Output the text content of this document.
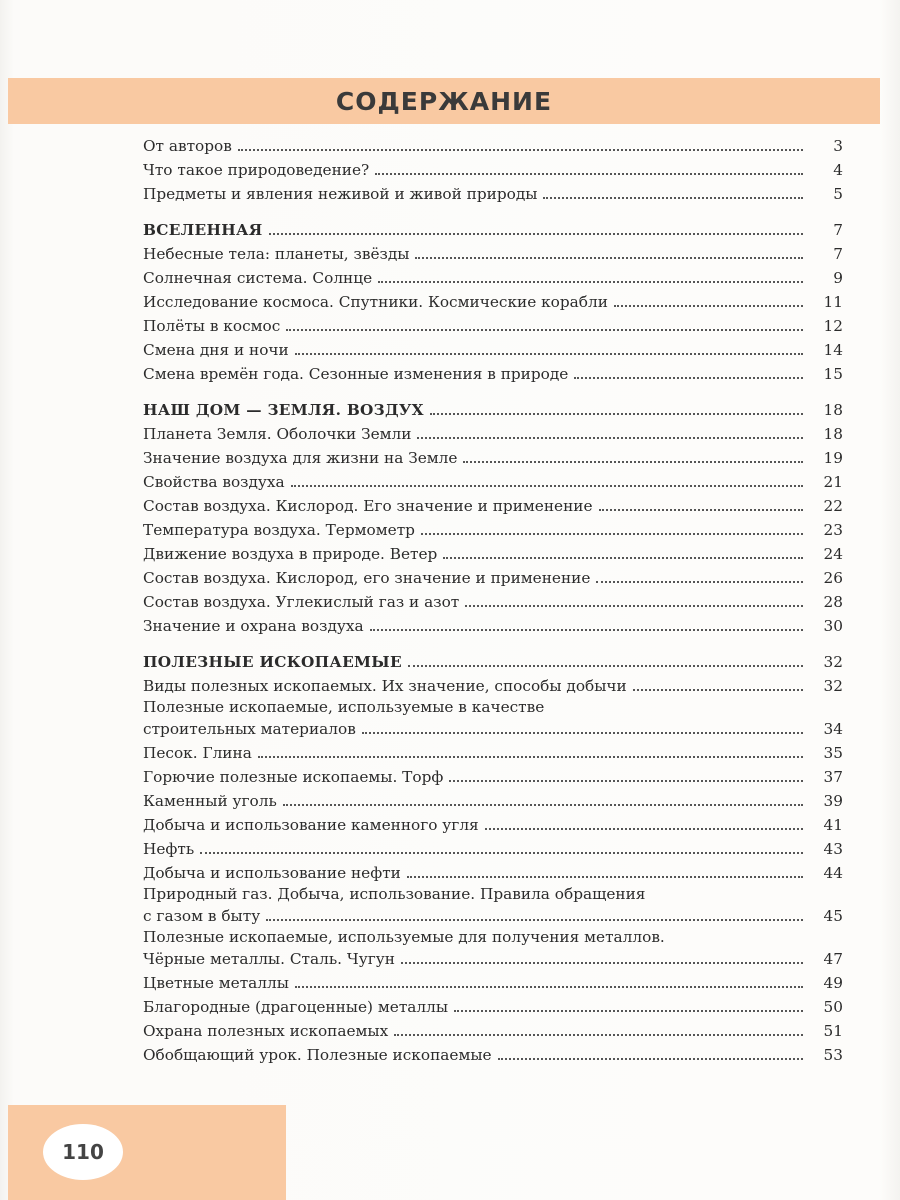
СОДЕРЖАНИЕ
От авторов	3
Что такое природоведение?	4
Предметы и явления неживой и живой природы	5
ВСЕЛЕННАЯ	7
Небесные тела: планеты, звёзды	7
Солнечная система. Солнце	9
Исследование космоса. Спутники. Космические корабли	11
Полёты в космос	12
Смена дня и ночи	14
Смена времён года. Сезонные изменения в природе	15
НАШ ДОМ — ЗЕМЛЯ. ВОЗДУХ	18
Планета Земля. Оболочки Земли	18
Значение воздуха для жизни на Земле	19
Свойства воздуха	21
Состав воздуха. Кислород. Его значение и применение	22
Температура воздуха. Термометр	23
Движение воздуха в природе. Ветер	24
Состав воздуха. Кислород, его значение и применение	26
Состав воздуха. Углекислый газ и азот	28
Значение и охрана воздуха	30
ПОЛЕЗНЫЕ ИСКОПАЕМЫЕ	32
Виды полезных ископаемых. Их значение, способы добычи	32
Полезные ископаемые, используемые в качестве
строительных материалов	34
Песок. Глина	35
Горючие полезные ископаемы. Торф	37
Каменный уголь	39
Добыча и использование каменного угля	41
Нефть	43
Добыча и использование нефти	44
Природный газ. Добыча, использование. Правила обращения
с газом в быту	45
Полезные ископаемые, используемые для получения металлов.
Чёрные металлы. Сталь. Чугун	47
Цветные металлы	49
Благородные (драгоценные) металлы	50
Охрана полезных ископаемых	51
Обобщающий урок. Полезные ископаемые	53
110
